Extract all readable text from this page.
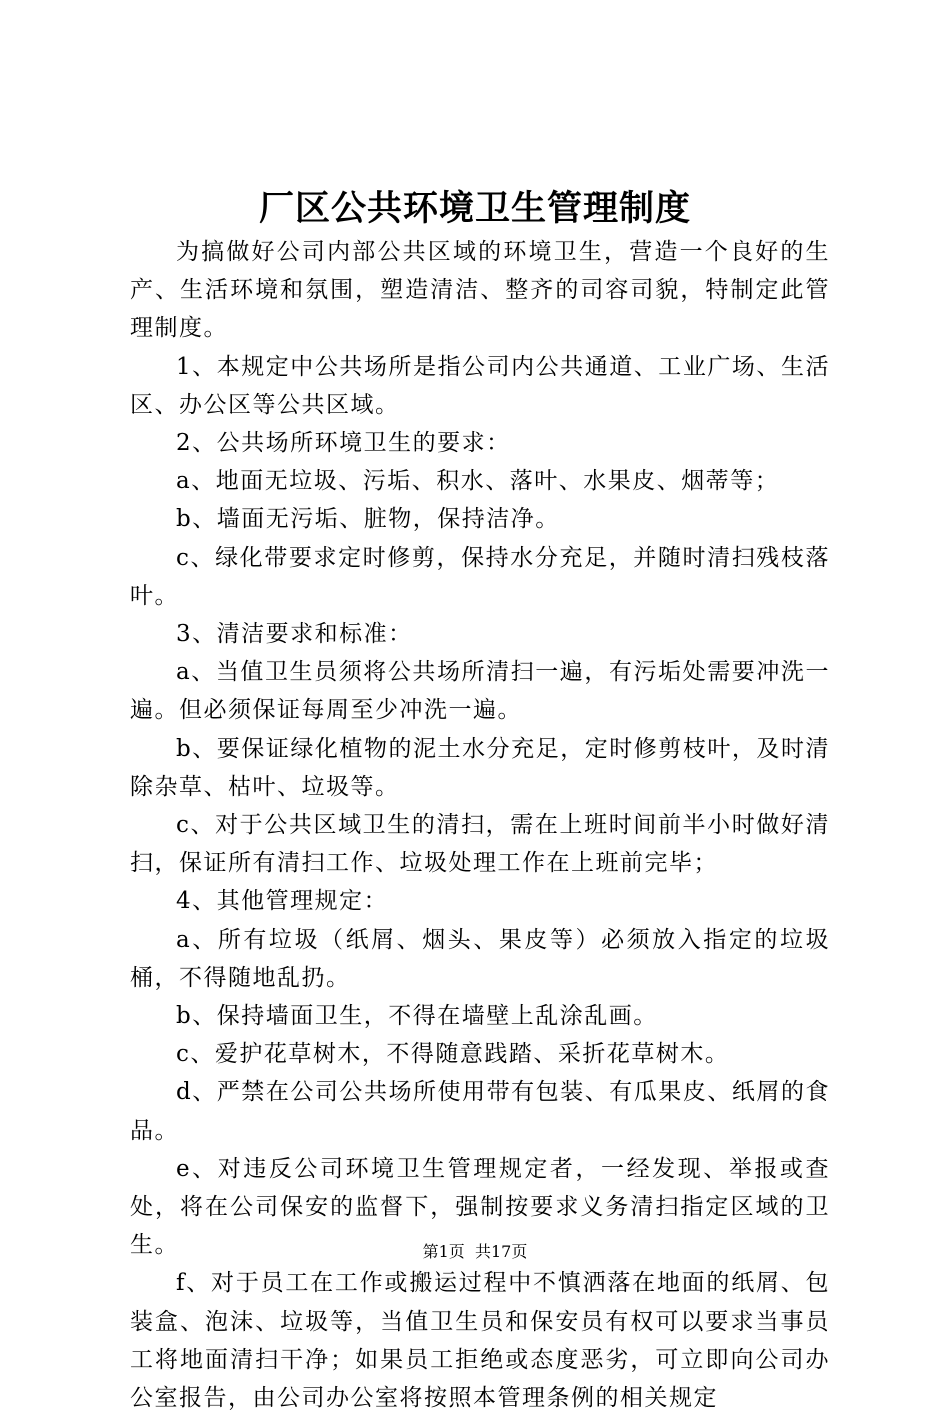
厂区公共环境卫生管理制度

为搞做好公司内部公共区域的环境卫生，营造一个良好的生产、生活环境和氛围，塑造清洁、整齐的司容司貌，特制定此管理制度。

1、本规定中公共场所是指公司内公共通道、工业广场、生活区、办公区等公共区域。

2、公共场所环境卫生的要求：

a、地面无垃圾、污垢、积水、落叶、水果皮、烟蒂等；

b、墙面无污垢、脏物，保持洁净。

c、绿化带要求定时修剪，保持水分充足，并随时清扫残枝落叶。

3、清洁要求和标准：

a、当值卫生员须将公共场所清扫一遍，有污垢处需要冲洗一遍。但必须保证每周至少冲洗一遍。

b、要保证绿化植物的泥土水分充足，定时修剪枝叶，及时清除杂草、枯叶、垃圾等。

c、对于公共区域卫生的清扫，需在上班时间前半小时做好清扫，保证所有清扫工作、垃圾处理工作在上班前完毕；

4、其他管理规定：

a、所有垃圾（纸屑、烟头、果皮等）必须放入指定的垃圾桶，不得随地乱扔。

b、保持墙面卫生，不得在墙壁上乱涂乱画。

c、爱护花草树木，不得随意践踏、采折花草树木。

d、严禁在公司公共场所使用带有包装、有瓜果皮、纸屑的食品。

e、对违反公司环境卫生管理规定者，一经发现、举报或查处，将在公司保安的监督下，强制按要求义务清扫指定区域的卫生。

f、对于员工在工作或搬运过程中不慎洒落在地面的纸屑、包装盒、泡沫、垃圾等，当值卫生员和保安员有权可以要求当事员工将地面清扫干净；如果员工拒绝或态度恶劣，可立即向公司办公室报告，由公司办公室将按照本管理条例的相关规定

第1页 共17页
